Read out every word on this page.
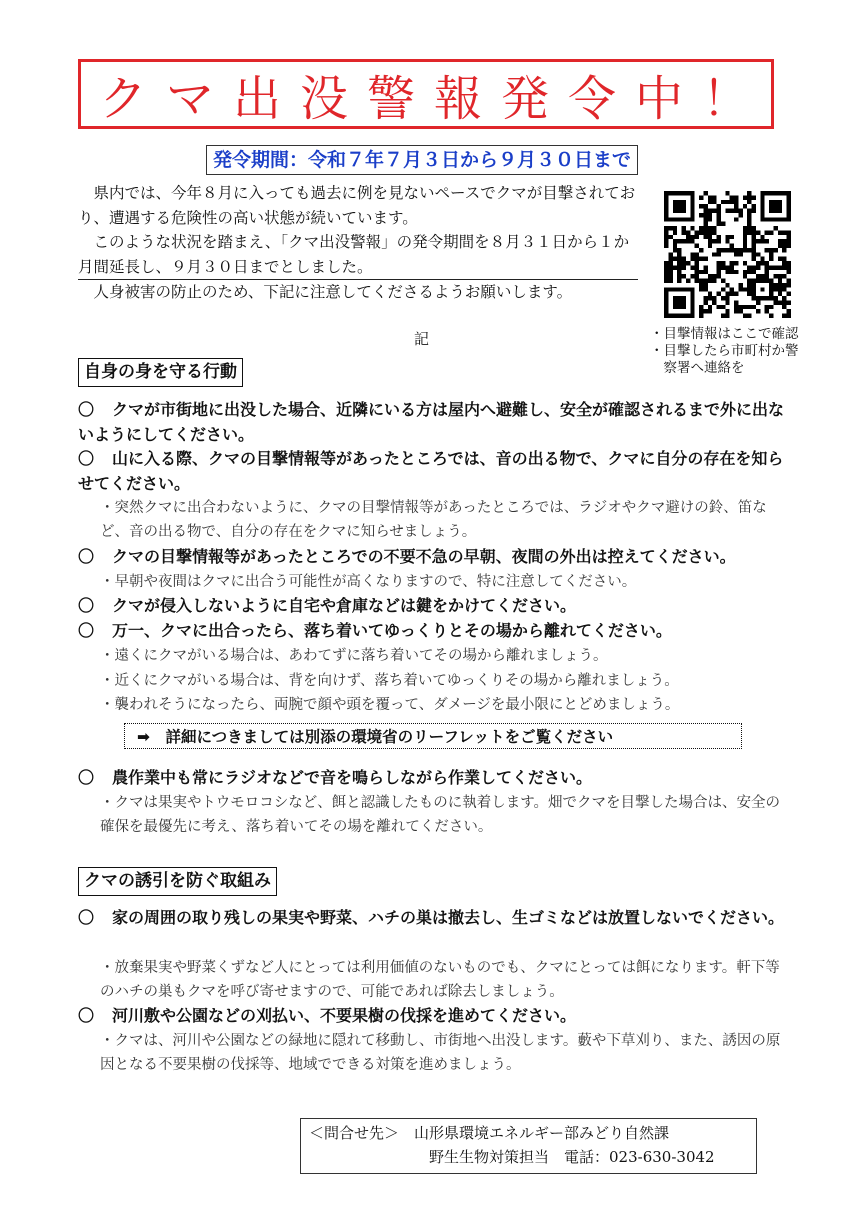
クマ出没警報発令中！
発令期間：令和７年７月３日から９月３０日まで

　県内では、今年８月に入っても過去に例を見ないペースでクマが目撃されており、遭遇する危険性の高い状態が続いています。

　このような状況を踏まえ、「クマ出没警報」の発令期間を８月３１日から１か月間延長し、９月３０日までとしました。

　人身被害の防止のため、下記に注意してくださるようお願いします。

・目撃情報はここで確認
・目撃したら市町村か警
　察署へ連絡を
記
自身の身を守る行動
〇 クマが市街地に出没した場合、近隣にいる方は屋内へ避難し、安全が確認されるまで外に出ないようにしてください。
〇 山に入る際、クマの目撃情報等があったところでは、音の出る物で、クマに自分の存在を知らせてください。
・突然クマに出合わないように、クマの目撃情報等があったところでは、ラジオやクマ避けの鈴、笛など、音の出る物で、自分の存在をクマに知らせましょう。
〇 クマの目撃情報等があったところでの不要不急の早朝、夜間の外出は控えてください。
・早朝や夜間はクマに出合う可能性が高くなりますので、特に注意してください。
〇 クマが侵入しないように自宅や倉庫などは鍵をかけてください。
〇 万一、クマに出合ったら、落ち着いてゆっくりとその場から離れてください。
・遠くにクマがいる場合は、あわてずに落ち着いてその場から離れましょう。
・近くにクマがいる場合は、背を向けず、落ち着いてゆっくりその場から離れましょう。
・襲われそうになったら、両腕で顔や頭を覆って、ダメージを最小限にとどめましょう。
➡　詳細につきましては別添の環境省のリーフレットをご覧ください
〇 農作業中も常にラジオなどで音を鳴らしながら作業してください。
・クマは果実やトウモロコシなど、餌と認識したものに執着します。畑でクマを目撃した場合は、安全の確保を最優先に考え、落ち着いてその場を離れてください。
クマの誘引を防ぐ取組み
〇 家の周囲の取り残しの果実や野菜、ハチの巣は撤去し、生ゴミなどは放置しないでください。
・放棄果実や野菜くずなど人にとっては利用価値のないものでも、クマにとっては餌になります。軒下等のハチの巣もクマを呼び寄せますので、可能であれば除去しましょう。
〇 河川敷や公園などの刈払い、不要果樹の伐採を進めてください。
・クマは、河川や公園などの緑地に隠れて移動し、市街地へ出没します。藪や下草刈り、また、誘因の原因となる不要果樹の伐採等、地域でできる対策を進めましょう。
＜問合せ先＞　 山形県環境エネルギー部みどり自然課
野生生物対策担当　電話：023-630-3042
